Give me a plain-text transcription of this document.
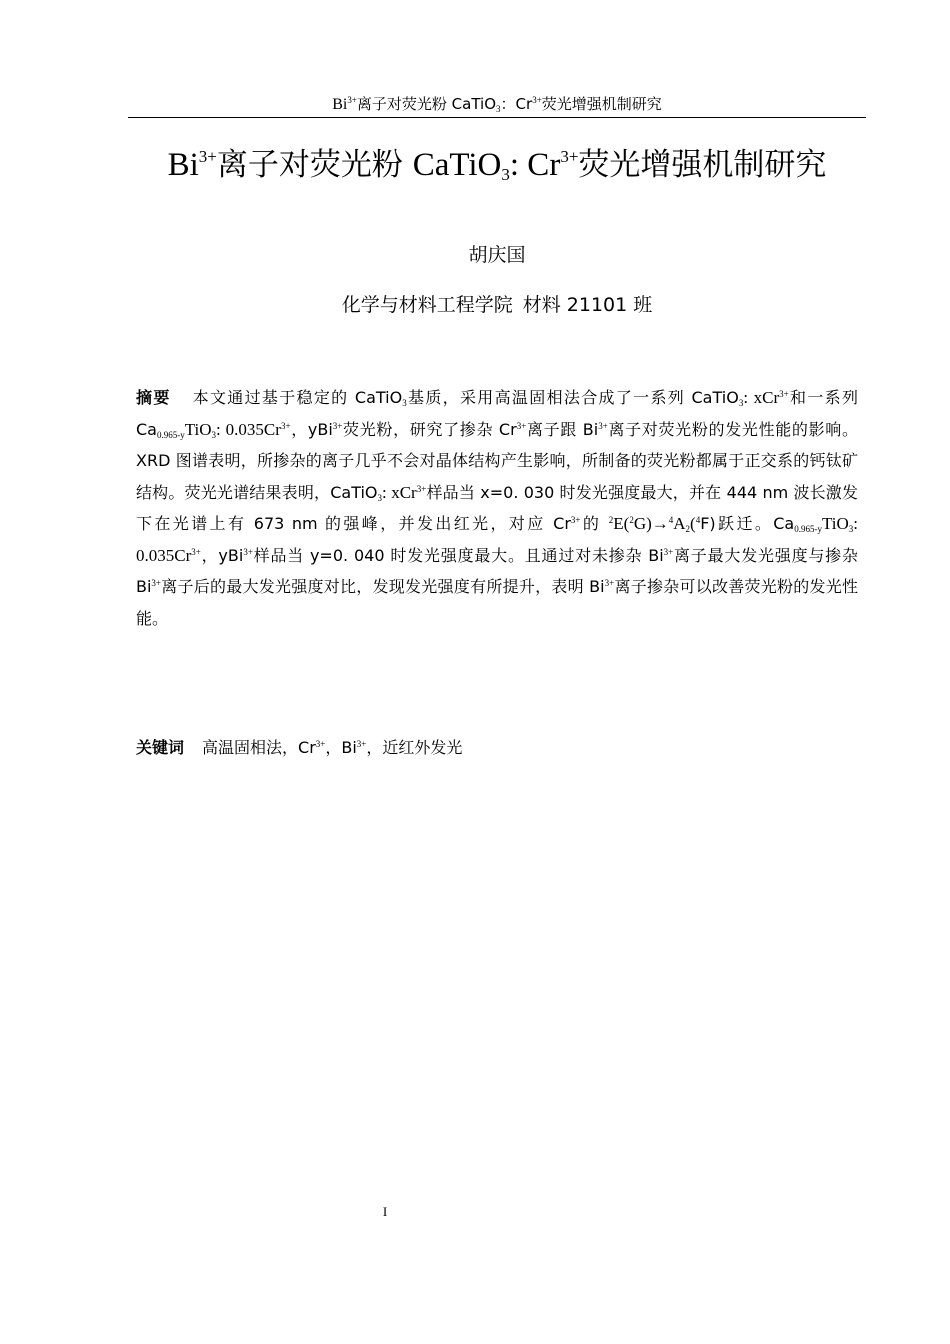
$Bi^{3+}$离子对荧光粉 CaTiO$_3$：$Cr^{3+}$荧光增强机制研究
$Bi^{3+}$离子对荧光粉 CaTiO$_3$: $Cr^{3+}$荧光增强机制研究
胡庆国
化学与材料工程学院 材料 21101 班

摘要 本文通过基于稳定的 CaTiO$_3$基质，采用高温固相法合成了一系列 CaTiO$_3$: xCr$^{3+}$和一系列 $Ca_{0.965-y}TiO_3$: $0.035Cr^{3+}$，yBi$^{3+}$荧光粉，研究了掺杂 $Cr^{3+}$离子跟 $Bi^{3+}$离子对荧光粉的发光性能的影响。XRD 图谱表明，所掺杂的离子几乎不会对晶体结构产生影响，所制备的荧光粉都属于正交系的钙钛矿结构。荧光光谱结果表明，CaTiO$_3$: xCr$^{3+}$样品当 x=0. 030 时发光强度最大，并在 444 nm 波长激发下在光谱上有 673 nm 的强峰，并发出红光，对应 $Cr^{3+}$的 $^2E(^2G)\to^4A_2(^4F)$跃迁。$Ca_{0.965-y}TiO_3$: $0.035Cr^{3+}$，yBi$^{3+}$样品当 y=0. 040 时发光强度最大。且通过对未掺杂 $Bi^{3+}$离子最大发光强度与掺杂 $Bi^{3+}$离子后的最大发光强度对比，发现发光强度有所提升，表明 $Bi^{3+}$离子掺杂可以改善荧光粉的发光性能。

关键词 高温固相法，$Cr^{3+}$，$Bi^{3+}$，近红外发光

I
